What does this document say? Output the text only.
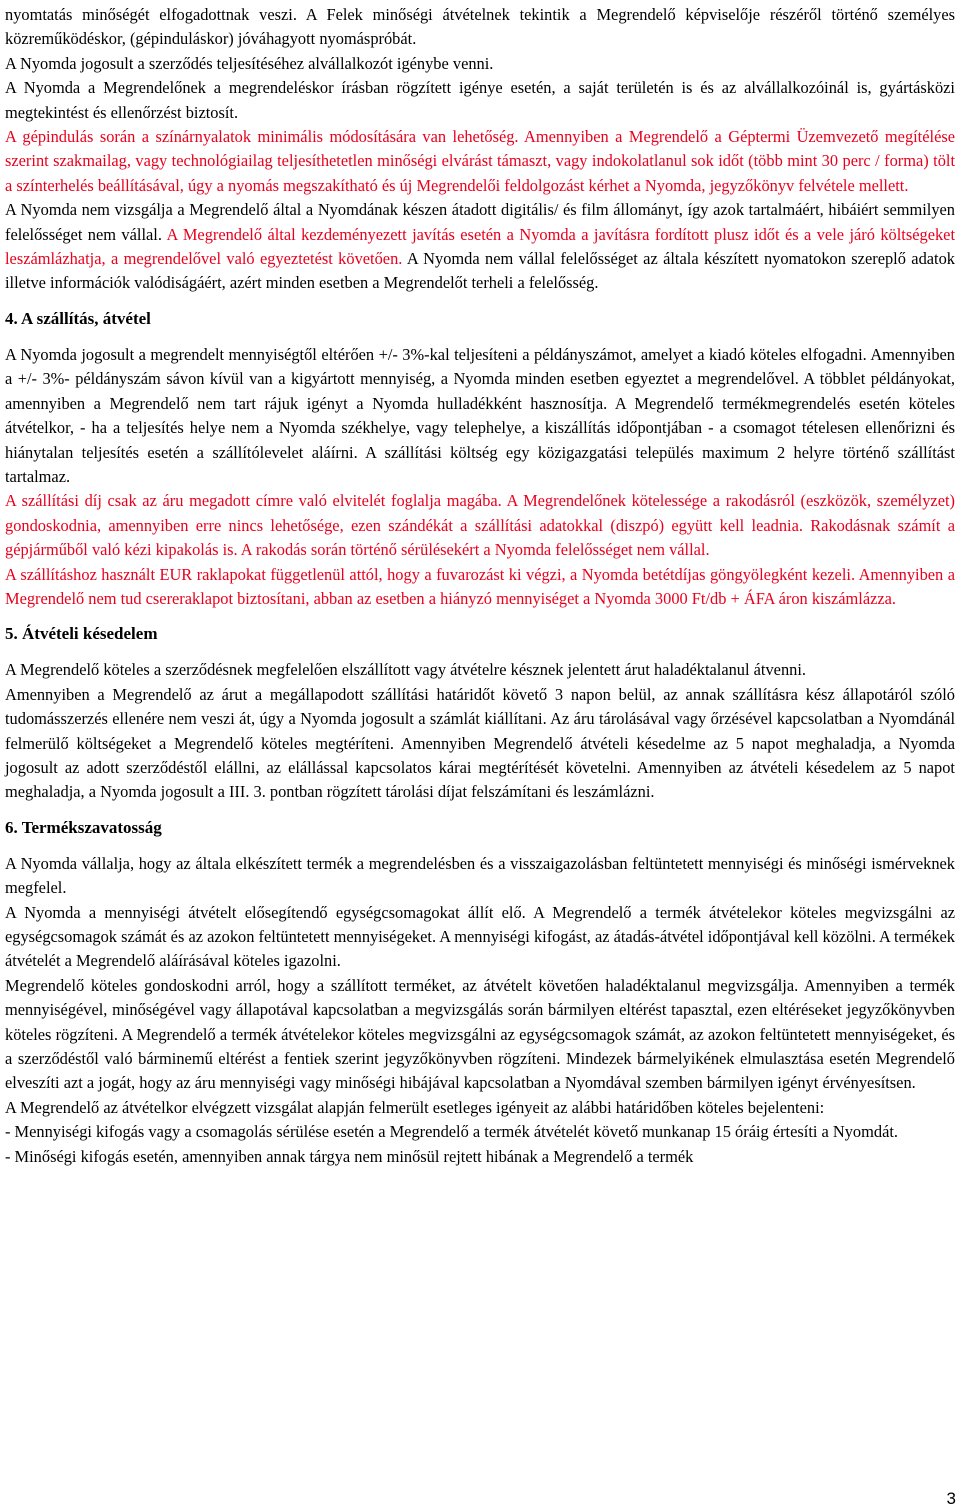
nyomtatás minőségét elfogadottnak veszi. A Felek minőségi átvételnek tekintik a Megrendelő képviselője részéről történő személyes közreműködéskor, (gépinduláskor) jóváhagyott nyomáspróbát.

A Nyomda jogosult a szerződés teljesítéséhez alvállalkozót igénybe venni.

A Nyomda a Megrendelőnek a megrendeléskor írásban rögzített igénye esetén, a saját területén is és az alvállalkozóinál is, gyártásközi megtekintést és ellenőrzést biztosít.

A gépindulás során a színárnyalatok minimális módosítására van lehetőség. Amennyiben a Megrendelő a Géptermi Üzemvezető megítélése szerint szakmailag, vagy technológiailag teljesíthetetlen minőségi elvárást támaszt, vagy indokolatlanul sok időt (több mint 30 perc / forma) tölt a színterhelés beállításával, úgy a nyomás megszakítható és új Megrendelői feldolgozást kérhet a Nyomda, jegyzőkönyv felvétele mellett.

A Nyomda nem vizsgálja a Megrendelő által a Nyomdának készen átadott digitális/ és film állományt, így azok tartalmáért, hibáiért semmilyen felelősséget nem vállal. A Megrendelő által kezdeményezett javítás esetén a Nyomda a javításra fordított plusz időt és a vele járó költségeket leszámlázhatja, a megrendelővel való egyeztetést követően. A Nyomda nem vállal felelősséget az általa készített nyomatokon szereplő adatok illetve információk valódiságáért, azért minden esetben a Megrendelőt terheli a felelősség.

4. A szállítás, átvétel

A Nyomda jogosult a megrendelt mennyiségtől eltérően +/- 3%-kal teljesíteni a példányszámot, amelyet a kiadó köteles elfogadni. Amennyiben a +/- 3%- példányszám sávon kívül van a kigyártott mennyiség, a Nyomda minden esetben egyeztet a megrendelővel. A többlet példányokat, amennyiben a Megrendelő nem tart rájuk igényt a Nyomda hulladékként hasznosítja. A Megrendelő termékmegrendelés esetén köteles átvételkor, - ha a teljesítés helye nem a Nyomda székhelye, vagy telephelye, a kiszállítás időpontjában - a csomagot tételesen ellenőrizni és hiánytalan teljesítés esetén a szállítólevelet aláírni. A szállítási költség egy közigazgatási település maximum 2 helyre történő szállítást tartalmaz.

A szállítási díj csak az áru megadott címre való elvitelét foglalja magába. A Megrendelőnek kötelessége a rakodásról (eszközök, személyzet) gondoskodnia, amennyiben erre nincs lehetősége, ezen szándékát a szállítási adatokkal (diszpó) együtt kell leadnia. Rakodásnak számít a gépjárműből való kézi kipakolás is. A rakodás során történő sérülésekért a Nyomda felelősséget nem vállal.

A szállításhoz használt EUR raklapokat függetlenül attól, hogy a fuvarozást ki végzi, a Nyomda betétdíjas göngyölegként kezeli. Amennyiben a Megrendelő nem tud csereraklapot biztosítani, abban az esetben a hiányzó mennyiséget a Nyomda 3000 Ft/db + ÁFA áron kiszámlázza.

5. Átvételi késedelem

A Megrendelő köteles a szerződésnek megfelelően elszállított vagy átvételre késznek jelentett árut haladéktalanul átvenni.

Amennyiben a Megrendelő az árut a megállapodott szállítási határidőt követő 3 napon belül, az annak szállításra kész állapotáról szóló tudomásszerzés ellenére nem veszi át, úgy a Nyomda jogosult a számlát kiállítani. Az áru tárolásával vagy őrzésével kapcsolatban a Nyomdánál felmerülő költségeket a Megrendelő köteles megtéríteni. Amennyiben Megrendelő átvételi késedelme az 5 napot meghaladja, a Nyomda jogosult az adott szerződéstől elállni, az elállással kapcsolatos kárai megtérítését követelni. Amennyiben az átvételi késedelem az 5 napot meghaladja, a Nyomda jogosult a III. 3. pontban rögzített tárolási díjat felszámítani és leszámlázni.

6. Termékszavatosság

A Nyomda vállalja, hogy az általa elkészített termék a megrendelésben és a visszaigazolásban feltüntetett mennyiségi és minőségi ismérveknek megfelel.

A Nyomda a mennyiségi átvételt elősegítendő egységcsomagokat állít elő. A Megrendelő a termék átvételekor köteles megvizsgálni az egységcsomagok számát és az azokon feltüntetett mennyiségeket. A mennyiségi kifogást, az átadás-átvétel időpontjával kell közölni. A termékek átvételét a Megrendelő aláírásával köteles igazolni.

Megrendelő köteles gondoskodni arról, hogy a szállított terméket, az átvételt követően haladéktalanul megvizsgálja. Amennyiben a termék mennyiségével, minőségével vagy állapotával kapcsolatban a megvizsgálás során bármilyen eltérést tapasztal, ezen eltéréseket jegyzőkönyvben köteles rögzíteni. A Megrendelő a termék átvételekor köteles megvizsgálni az egységcsomagok számát, az azokon feltüntetett mennyiségeket, és a szerződéstől való bárminemű eltérést a fentiek szerint jegyzőkönyvben rögzíteni. Mindezek bármelyikének elmulasztása esetén Megrendelő elveszíti azt a jogát, hogy az áru mennyiségi vagy minőségi hibájával kapcsolatban a Nyomdával szemben bármilyen igényt érvényesítsen.

A Megrendelő az átvételkor elvégzett vizsgálat alapján felmerült esetleges igényeit az alábbi határidőben köteles bejelenteni:

- Mennyiségi kifogás vagy a csomagolás sérülése esetén a Megrendelő a termék átvételét követő munkanap 15 óráig értesíti a Nyomdát.

- Minőségi kifogás esetén, amennyiben annak tárgya nem minősül rejtett hibának a Megrendelő a termék

3
